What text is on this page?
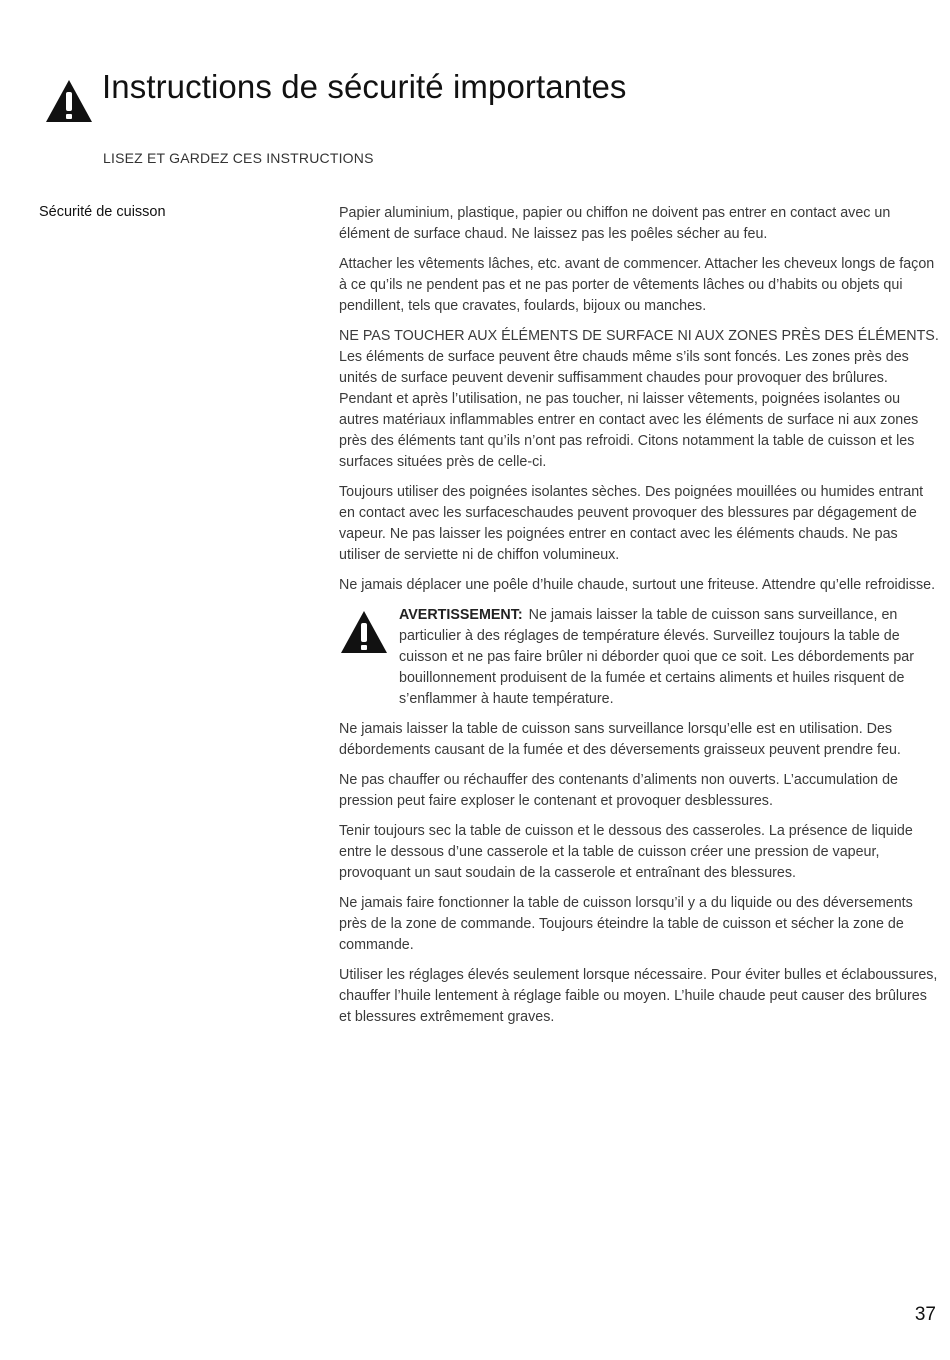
Instructions de sécurité importantes
LISEZ ET GARDEZ CES INSTRUCTIONS
Sécurité de cuisson	Papier aluminium, plastique, papier ou chiffon ne doivent pas entrer en contact avec un élément de surface chaud. Ne laissez pas les poêles sécher au feu.

Attacher les vêtements lâches, etc. avant de commencer. Attacher les cheveux longs de façon à ce qu’ils ne pendent pas et ne pas porter de vêtements lâches ou d’habits ou objets qui pendillent, tels que cravates, foulards, bijoux ou manches.

NE PAS TOUCHER AUX ÉLÉMENTS DE SURFACE NI AUX ZONES PRÈS DES ÉLÉMENTS. Les éléments de surface peuvent être chauds même s’ils sont foncés. Les zones près des unités de surface peuvent devenir suffisamment chaudes pour provoquer des brûlures. Pendant et après l’utilisation, ne pas toucher, ni laisser vêtements, poignées isolantes ou autres matériaux inflammables entrer en contact avec les éléments de surface ni aux zones près des éléments tant qu’ils n’ont pas refroidi. Citons notamment la table de cuisson et les surfaces situées près de celle-ci.

Toujours utiliser des poignées isolantes sèches. Des poignées mouillées ou humides entrant en contact avec les surfaceschaudes peuvent provoquer des blessures par dégagement de vapeur. Ne pas laisser les poignées entrer en contact avec les éléments chauds. Ne pas utiliser de serviette ni de chiffon volumineux.

Ne jamais déplacer une poêle d’huile chaude, surtout une friteuse. Attendre qu’elle refroidisse.

AVERTISSEMENT: Ne jamais laisser la table de cuisson sans surveillance, en particulier à des réglages de température élevés. Surveillez toujours la table de cuisson et ne pas faire brûler ni déborder quoi que ce soit. Les débordements par bouillonnement produisent de la fumée et certains aliments et huiles risquent de s’enflammer à haute température.

Ne jamais laisser la table de cuisson sans surveillance lorsqu’elle est en utilisation. Des débordements causant de la fumée et des déversements graisseux peuvent prendre feu.

Ne pas chauffer ou réchauffer des contenants d’aliments non ouverts. L’accumulation de pression peut faire exploser le contenant et provoquer desblessures.

Tenir toujours sec la table de cuisson et le dessous des casseroles. La présence de liquide entre le dessous d’une casserole et la table de cuisson créer une pression de vapeur, provoquant un saut soudain de la casserole et entraînant des blessures.

Ne jamais faire fonctionner la table de cuisson lorsqu’il y a du liquide ou des déversements près de la zone de commande. Toujours éteindre la table de cuisson et sécher la zone de commande.

Utiliser les réglages élevés seulement lorsque nécessaire. Pour éviter bulles et éclaboussures, chauffer l’huile lentement à réglage faible ou moyen. L’huile chaude peut causer des brûlures et blessures extrêmement graves.

37
